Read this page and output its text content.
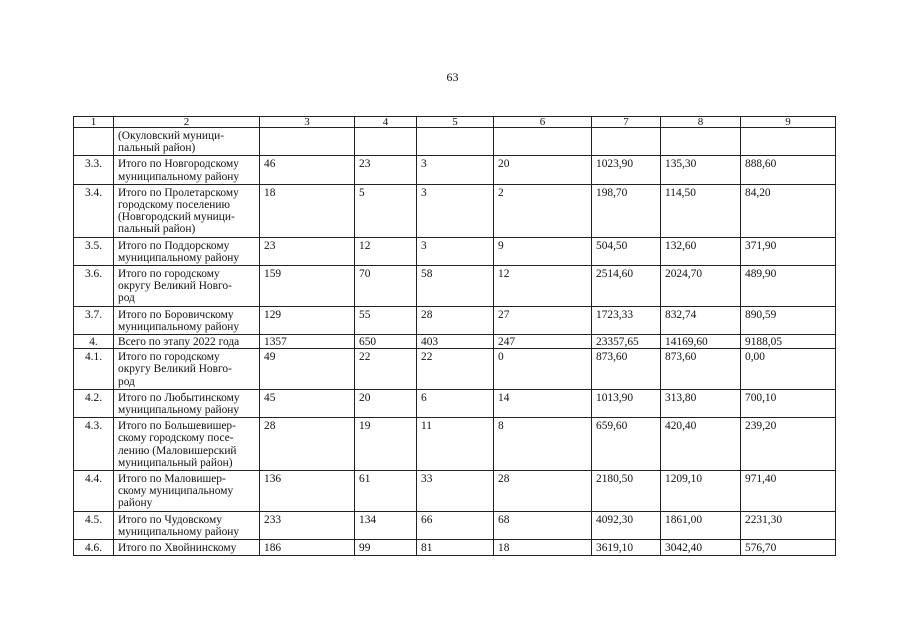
63
1	2	3	4	5	6	7	8	9
	(Окуловский муници-
пальный район)							
3.3.	Итого по Новгородскому
муниципальному району	46	23	3	20	1023,90	135,30	888,60
3.4.	Итого по Пролетарскому
городскому поселению
(Новгородский муници-
пальный район)	18	5	3	2	198,70	114,50	84,20
3.5.	Итого по Поддорскому
муниципальному району	23	12	3	9	504,50	132,60	371,90
3.6.	Итого по городскому
округу Великий Новго-
род	159	70	58	12	2514,60	2024,70	489,90
3.7.	Итого по Боровичскому
муниципальному району	129	55	28	27	1723,33	832,74	890,59
4.	Всего по этапу 2022 года	1357	650	403	247	23357,65	14169,60	9188,05
4.1.	Итого по городскому
округу Великий Новго-
род	49	22	22	0	873,60	873,60	0,00
4.2.	Итого по Любытинскому
муниципальному району	45	20	6	14	1013,90	313,80	700,10
4.3.	Итого по Большевишер-
скому городскому посе-
лению (Маловишерский
муниципальный район)	28	19	11	8	659,60	420,40	239,20
4.4.	Итого по Маловишер-
скому муниципальному
району	136	61	33	28	2180,50	1209,10	971,40
4.5.	Итого по Чудовскому
муниципальному району	233	134	66	68	4092,30	1861,00	2231,30
4.6.	Итого по Хвойнинскому	186	99	81	18	3619,10	3042,40	576,70
